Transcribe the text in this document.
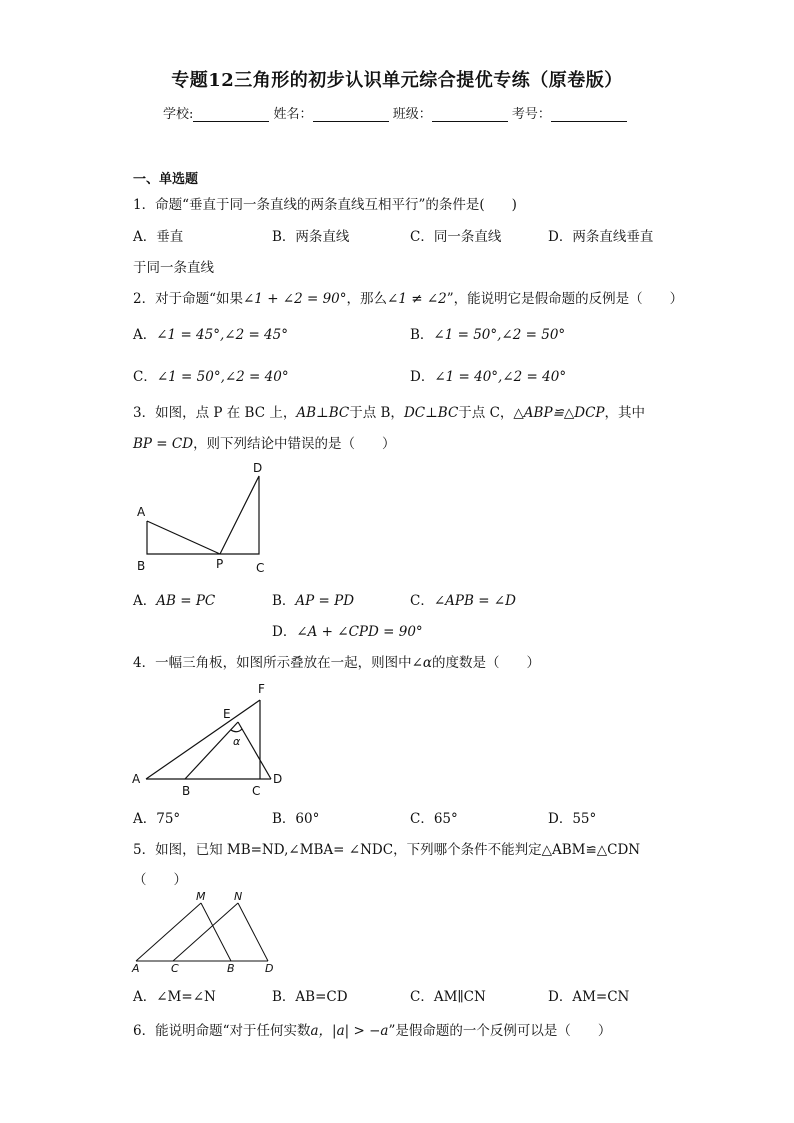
专题12三角形的初步认识单元综合提优专练（原卷版）
学校:	姓名：	班级：	考号：
一、单选题
1．命题“垂直于同一条直线的两条直线互相平行”的条件是(　　)
A．垂直	B．两条直线	C．同一条直线	D．两条直线垂直
于同一条直线
2．对于命题“如果∠1 + ∠2 = 90°，那么∠1 ≠ ∠2”，能说明它是假命题的反例是（　　）
A．∠1 = 45°,∠2 = 45°	B．∠1 = 50°,∠2 = 50°
C．∠1 = 50°,∠2 = 40°	D．∠1 = 40°,∠2 = 40°
3．如图，点 P 在 BC 上，AB⊥BC于点 B，DC⊥BC于点 C，△ABP≌△DCP，其中
BP = CD，则下列结论中错误的是（　　）
A
B	P	C
D
A．AB = PC	B．AP = PD	C．∠APB = ∠D
D．∠A + ∠CPD = 90°
4．一幅三角板，如图所示叠放在一起，则图中∠α的度数是（　　）
A
B	C
D
E
F
α
A．75°	B．60°	C．65°	D．55°
5．如图，已知 MB=ND,∠MBA= ∠NDC，下列哪个条件不能判定△ABM≌△CDN
（　　）
A	C	B	D
M	N
A．∠M=∠N	B．AB=CD	C．AM∥CN	D．AM=CN
6．能说明命题“对于任何实数a，|a| > −a”是假命题的一个反例可以是（　　）
